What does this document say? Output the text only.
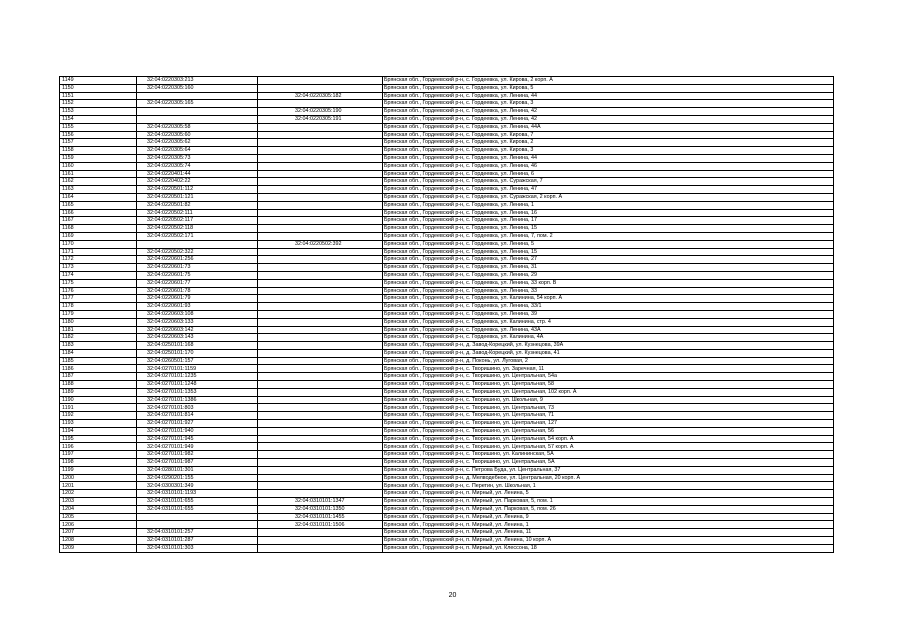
1149	32:04:0220303:213		Брянская обл., Гордеевский р-н, с. Гордеевка, ул. Кирова, 2 корп. А
1150	32:04:0220305:160		Брянская обл., Гордеевский р-н, с. Гордеевка, ул. Кирова, 5
1151		32:04:0220305:182	Брянская обл., Гордеевский р-н, с. Гордеевка, ул. Ленина, 44
1152	32:04:0220305:165		Брянская обл., Гордеевский р-н, с. Гордеевка, ул. Кирова, 3
1153		32:04:0220305:190	Брянская обл., Гордеевский р-н, с. Гордеевка, ул. Ленина, 42
1154		32:04:0220305:191	Брянская обл., Гордеевский р-н, с. Гордеевка, ул. Ленина, 42
1155	32:04:0220305:58		Брянская обл., Гордеевский р-н, с. Гордеевка, ул. Ленина, 44А
1156	32:04:0220305:60		Брянская обл., Гордеевский р-н, с. Гордеевка, ул. Кирова, 7
1157	32:04:0220305:62		Брянская обл., Гордеевский р-н, с. Гордеевка, ул. Кирова, 2
1158	32:04:0220305:64		Брянская обл., Гордеевский р-н, с. Гордеевка, ул. Кирова, 3
1159	32:04:0220305:73		Брянская обл., Гордеевский р-н, с. Гордеевка, ул. Ленина, 44
1160	32:04:0220305:74		Брянская обл., Гордеевский р-н, с. Гордеевка, ул. Ленина, 46
1161	32:04:0220401:44		Брянская обл., Гордеевский р-н, с. Гордеевка, ул. Ленина, 6
1162	32:04:0220402:22		Брянская обл., Гордеевский р-н, с. Гордеевка, ул. Суражская, 7
1163	32:04:0220501:112		Брянская обл., Гордеевский р-н, с. Гордеевка, ул. Ленина, 47
1164	32:04:0220501:121		Брянская обл., Гордеевский р-н, с. Гордеевка, ул. Суражская, 2 корп. А
1165	32:04:0220501:82		Брянская обл., Гордеевский р-н, с. Гордеевка, ул. Ленина, 1
1166	32:04:0220502:111		Брянская обл., Гордеевский р-н, с. Гордеевка, ул. Ленина, 16
1167	32:04:0220502:117		Брянская обл., Гордеевский р-н, с. Гордеевка, ул. Ленина, 17
1168	32:04:0220502:118		Брянская обл., Гордеевский р-н, с. Гордеевка, ул. Ленина, 15
1169	32:04:0220502:171		Брянская обл., Гордеевский р-н, с. Гордеевка, ул. Ленина, 7, пом. 2
1170		32:04:0220502:392	Брянская обл., Гордеевский р-н, с. Гордеевка, ул. Ленина, 5
1171	32:04:0220502:322		Брянская обл., Гордеевский р-н, с. Гордеевка, ул. Ленина, 15
1172	32:04:0220601:256		Брянская обл., Гордеевский р-н, с. Гордеевка, ул. Ленина, 27
1173	32:04:0220601:73		Брянская обл., Гордеевский р-н, с. Гордеевка, ул. Ленина, 31
1174	32:04:0220601:75		Брянская обл., Гордеевский р-н, с. Гордеевка, ул. Ленина, 29
1175	32:04:0220601:77		Брянская обл., Гордеевский р-н, с. Гордеевка, ул. Ленина, 33 корп. В
1176	32:04:0220601:78		Брянская обл., Гордеевский р-н, с. Гордеевка, ул. Ленина, 33
1177	32:04:0220601:79		Брянская обл., Гордеевский р-н, с. Гордеевка, ул. Калинина, 54 корп. А
1178	32:04:0220601:93		Брянская обл., Гордеевский р-н, с. Гордеевка, ул. Ленина, 33/1
1179	32:04:0220603:108		Брянская обл., Гордеевский р-н, с. Гордеевка, ул. Ленина, 39
1180	32:04:0220603:133		Брянская обл., Гордеевский р-н, с. Гордеевка, ул. Калинина, стр. 4
1181	32:04:0220603:142		Брянская обл., Гордеевский р-н, с. Гордеевка, ул. Ленина, 43А
1182	32:04:0220603:143		Брянская обл., Гордеевский р-н, с. Гордеевка, ул. Калинина, 4А
1183	32:04:0250101:168		Брянская обл., Гордеевский р-н, д. Завод-Корецкий, ул. Кузнецова, 39А
1184	32:04:0250101:170		Брянская обл., Гордеевский р-н, д. Завод-Корецкий, ул. Кузнецова, 41
1185	32:04:0260501:157		Брянская обл., Гордеевский р-н, д. Поконь, ул. Луговая, 2
1186	32:04:0270101:1159		Брянская обл., Гордеевский р-н, с. Творишино, ул. Заречная, 11
1187	32:04:0270101:1235		Брянская обл., Гордеевский р-н, с. Творишино, ул. Центральная, 54а
1188	32:04:0270101:1248		Брянская обл., Гордеевский р-н, с. Творишино, ул. Центральная, 58
1189	32:04:0270101:1353		Брянская обл., Гордеевский р-н, с. Творишино, ул. Центральная, 102 корп. А
1190	32:04:0270101:1386		Брянская обл., Гордеевский р-н, с. Творишино, ул. Школьная, 9
1191	32:04:0270101:803		Брянская обл., Гордеевский р-н, с. Творишино, ул. Центральная, 73
1192	32:04:0270101:814		Брянская обл., Гордеевский р-н, с. Творишино, ул. Центральная, 71
1193	32:04:0270101:927		Брянская обл., Гордеевский р-н, с. Творишино, ул. Центральная, 127
1194	32:04:0270101:940		Брянская обл., Гордеевский р-н, с. Творишино, ул. Центральная, 56
1195	32:04:0270101:945		Брянская обл., Гордеевский р-н, с. Творишино, ул. Центральная, 54 корп. А
1196	32:04:0270101:949		Брянская обл., Гордеевский р-н, с. Творишино, ул. Центральная, 57 корп. А
1197	32:04:0270101:982		Брянская обл., Гордеевский р-н, с. Творишино, ул. Калининская, 5А
1198	32:04:0270101:987		Брянская обл., Гордеевский р-н, с. Творишино, ул. Центральная, 5А
1199	32:04:0280101:301		Брянская обл., Гордеевский р-н, с. Петрова Буда, ул. Центральная, 37
1200	32:04:0290201:155		Брянская обл., Гордеевский р-н, д. Мелводебное, ул. Центральная, 20 корп. А
1201	32:04:0300301:349		Брянская обл., Гордеевский р-н, с. Перетин, ул. Школьная, 1
1202	32:04:0310101:1193		Брянская обл., Гордеевский р-н, п. Мирный, ул. Ленина, 5
1203	32:04:0310101:655	32:04:0310101:1347	Брянская обл., Гордеевский р-н, п. Мирный, ул. Парковая, 5, пом. 1
1204	32:04:0310101:655	32:04:0310101:1350	Брянская обл., Гордеевский р-н, п. Мирный, ул. Парковая, 5, пом. 26
1205		32:04:0310101:1455	Брянская обл., Гордеевский р-н, п. Мирный, ул. Ленина, 9
1206		32:04:0310101:1506	Брянская обл., Гордеевский р-н, п. Мирный, ул. Ленина, 1
1207	32:04:0310101:257		Брянская обл., Гордеевский р-н, п. Мирный, ул. Ленина, 11
1208	32:04:0310101:287		Брянская обл., Гордеевский р-н, п. Мирный, ул. Ленина, 10 корп. А
1209	32:04:0310101:303		Брянская обл., Гордеевский р-н, п. Мирный, ул. Клесcона, 18
20
